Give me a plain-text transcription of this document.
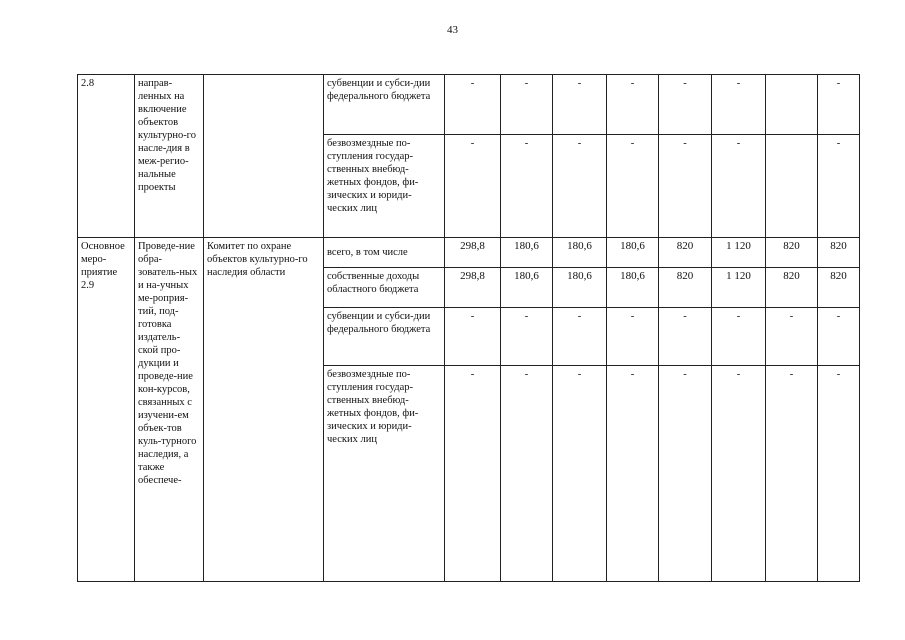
43
2.8	направ-ленных на включение объектов культурно-го насле-дия в меж-регио-нальные проекты		субвенции и субси-дии федерального бюджета	-	-	-	-	-	-		-
			безвозмездные по-ступления государ-ственных внебюд-жетных фондов, фи-зических и юриди-ческих лиц	-	-	-	-	-	-		-
Основное меро-приятие 2.9	Проведе-ние обра-зователь-ных и на-учных ме-роприя-тий, под-готовка издатель-ской про-дукции и проведе-ние кон-курсов, связанных с изучени-ем объек-тов куль-турного наследия, а также обеспече-	Комитет по охране объектов культурно-го наследия области	всего, в том числе	298,8	180,6	180,6	180,6	820	1 120	820	820
			собственные доходы областного бюджета	298,8	180,6	180,6	180,6	820	1 120	820	820
			субвенции и субси-дии федерального бюджета	-	-	-	-	-	-	-	-
			безвозмездные по-ступления государ-ственных внебюд-жетных фондов, фи-зических и юриди-ческих лиц	-	-	-	-	-	-	-	-
